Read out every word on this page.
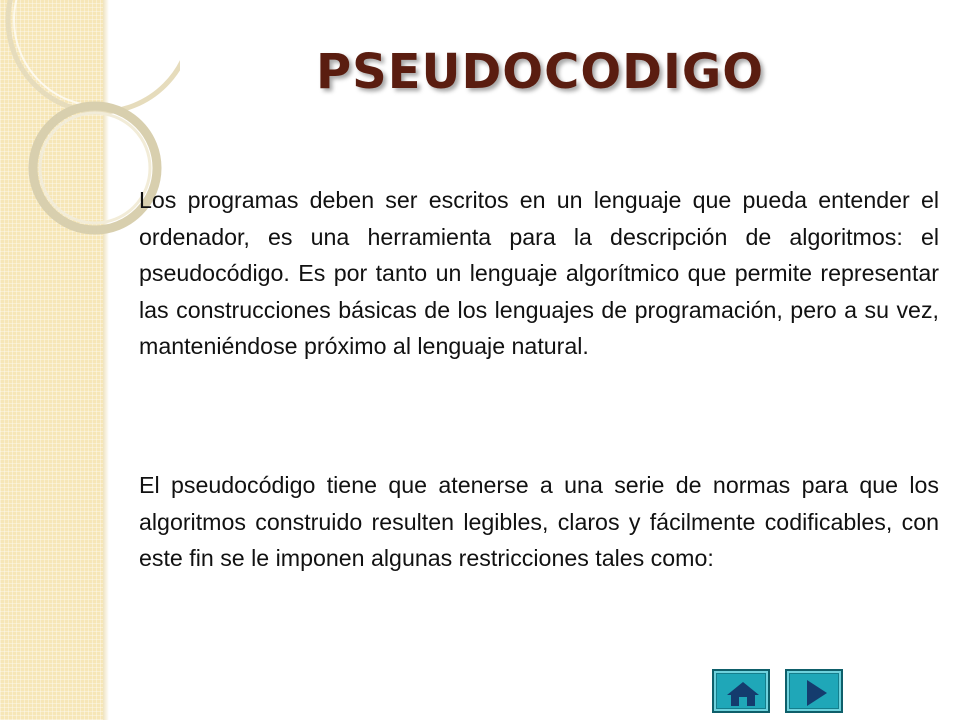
PSEUDOCODIGO

Los programas deben ser escritos en un lenguaje que pueda entender el ordenador, es una herramienta para la descripción de algoritmos: el pseudocódigo. Es por tanto un lenguaje algorítmico que permite representar las construcciones básicas de los lenguajes de programación, pero a su vez, manteniéndose próximo al lenguaje natural.

El pseudocódigo tiene que atenerse a una serie de normas para que los algoritmos construido resulten legibles, claros y fácilmente codificables, con este fin se le imponen algunas restricciones tales como:
